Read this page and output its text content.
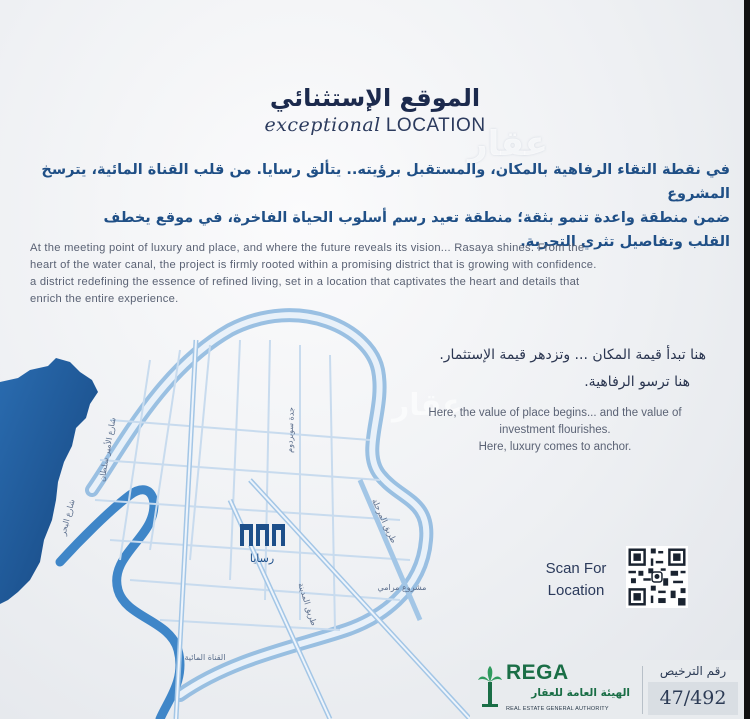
الموقع الإستثنائي
exceptional LOCATION
عقار
في نقطة التقاء الرفاهية بالمكان، والمستقبل برؤيته.. يتألق رسايا. من قلب القناة المائية، يترسخ المشروع
ضمن منطقة واعدة تنمو بثقة؛ منطقة تعيد رسم أسلوب الحياة الفاخرة، في موقع يخطف
القلب وتفاصيل تثري التجربة.
At the meeting point of luxury and place, and where the future reveals its vision... Rasaya shines. From the
heart of the water canal, the project is firmly rooted within a promising district that is growing with confidence.
a district redefining the essence of refined living, set in a location that captivates the heart and details that
enrich the entire experience.
رسايا
جدة سوبردوم
شارع الأمير سلطان
شارع البحر	طريق المرحلة
طريق المدينة	مشروع مرامي
القناة المائية
عقار
هنا تبدأ قيمة المكان ... وتزدهر قيمة الإستثمار.
هنا ترسو الرفاهية.
Here, the value of place begins... and the value of
investment flourishes.
Here, luxury comes to anchor.
Scan For
Location
REGA
الهيئة العامة للعقار
REAL ESTATE GENERAL AUTHORITY
رقم الترخيص
47/492
